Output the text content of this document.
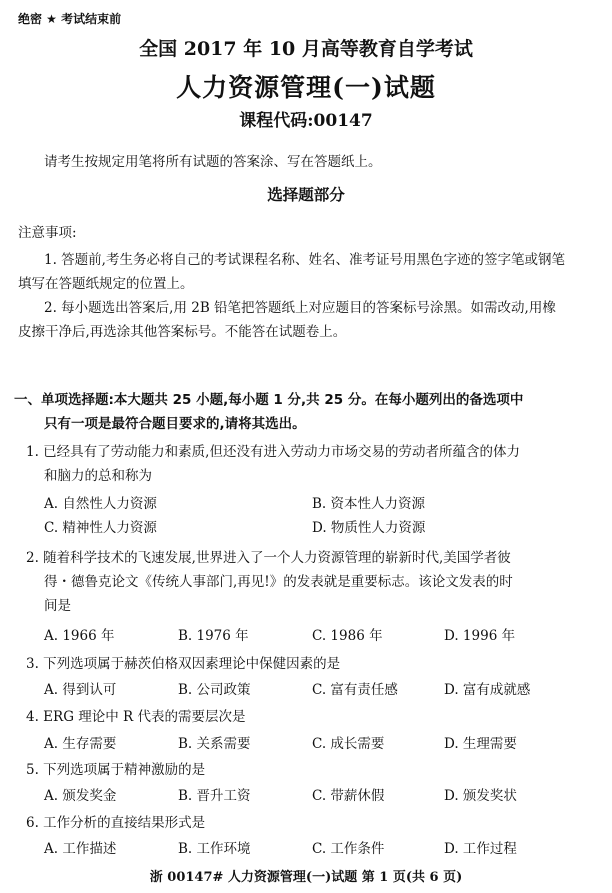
绝密 ★ 考试结束前
全国 2017 年 10 月高等教育自学考试
人力资源管理(一)试题
课程代码:00147
请考生按规定用笔将所有试题的答案涂、写在答题纸上。
选择题部分
注意事项:
1. 答题前,考生务必将自己的考试课程名称、姓名、准考证号用黑色字迹的签字笔或钢笔
填写在答题纸规定的位置上。
2. 每小题选出答案后,用 2B 铅笔把答题纸上对应题目的答案标号涂黑。如需改动,用橡
皮擦干净后,再选涂其他答案标号。不能答在试题卷上。
一、单项选择题:本大题共 25 小题,每小题 1 分,共 25 分。在每小题列出的备选项中
只有一项是最符合题目要求的,请将其选出。
1. 已经具有了劳动能力和素质,但还没有进入劳动力市场交易的劳动者所蕴含的体力
和脑力的总和称为
A. 自然性人力资源	B. 资本性人力资源
C. 精神性人力资源	D. 物质性人力资源
2. 随着科学技术的飞速发展,世界进入了一个人力资源管理的崭新时代,美国学者彼
得・德鲁克论文《传统人事部门,再见!》的发表就是重要标志。该论文发表的时
间是
A. 1966 年	B. 1976 年	C. 1986 年	D. 1996 年
3. 下列选项属于赫茨伯格双因素理论中保健因素的是
A. 得到认可	B. 公司政策	C. 富有责任感	D. 富有成就感
4. ERG 理论中 R 代表的需要层次是
A. 生存需要	B. 关系需要	C. 成长需要	D. 生理需要
5. 下列选项属于精神激励的是
A. 颁发奖金	B. 晋升工资	C. 带薪休假	D. 颁发奖状
6. 工作分析的直接结果形式是
A. 工作描述	B. 工作环境	C. 工作条件	D. 工作过程
浙 00147# 人力资源管理(一)试题 第 1 页(共 6 页)
